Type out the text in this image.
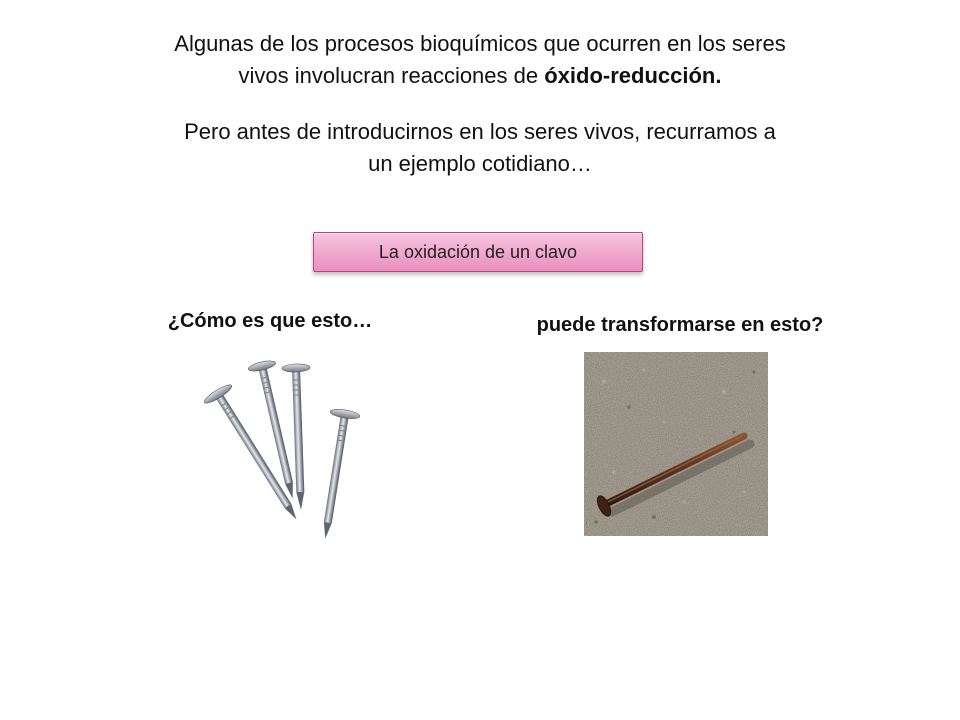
Algunas de los procesos bioquímicos que ocurren en los seres

vivos involucran reacciones de óxido-reducción.

Pero antes de introducirnos en los seres vivos, recurramos a

un ejemplo cotidiano…

La oxidación de un clavo
¿Cómo es que esto…	puede transformarse en esto?
